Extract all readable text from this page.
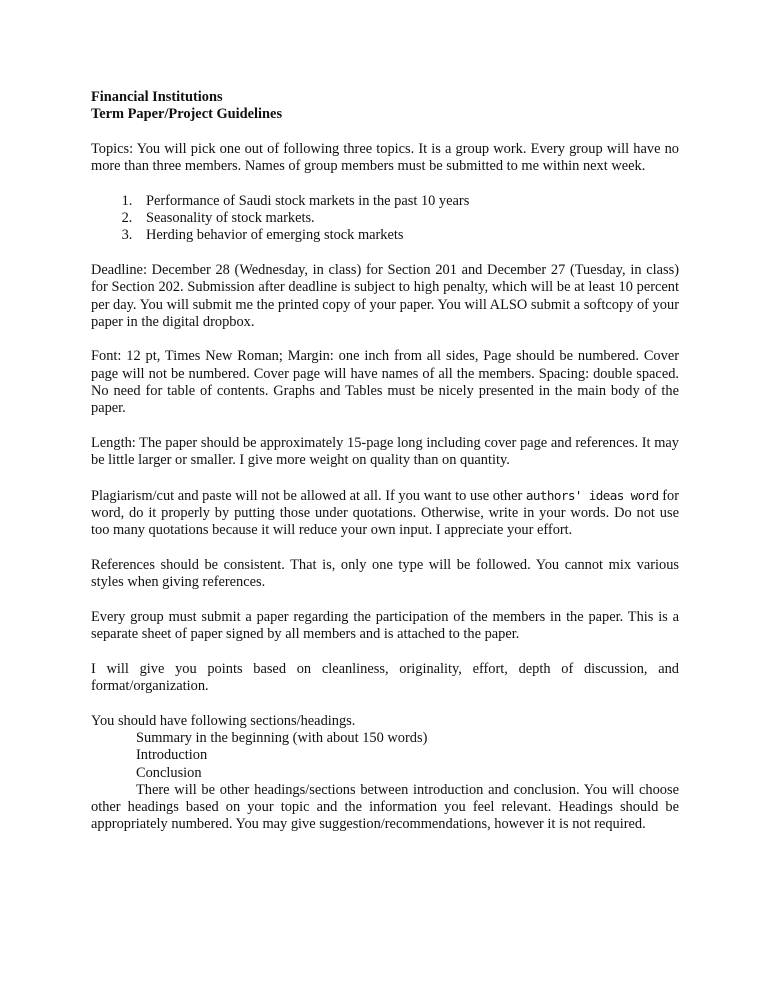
Financial Institutions
Term Paper/Project Guidelines

Topics: You will pick one out of following three topics. It is a group work. Every group will have no more than three members. Names of group members must be submitted to me within next week.

1. Performance of Saudi stock markets in the past 10 years
2. Seasonality of stock markets.
3. Herding behavior of emerging stock markets

Deadline: December 28 (Wednesday, in class) for Section 201 and December 27 (Tuesday, in class) for Section 202. Submission after deadline is subject to high penalty, which will be at least 10 percent per day. You will submit me the printed copy of your paper. You will ALSO submit a softcopy of your paper in the digital dropbox.

Font: 12 pt, Times New Roman; Margin: one inch from all sides, Page should be numbered. Cover page will not be numbered. Cover page will have names of all the members. Spacing: double spaced. No need for table of contents. Graphs and Tables must be nicely presented in the main body of the paper.

Length: The paper should be approximately 15-page long including cover page and references. It may be little larger or smaller. I give more weight on quality than on quantity.

Plagiarism/cut and paste will not be allowed at all. If you want to use other authors' ideas word for word, do it properly by putting those under quotations. Otherwise, write in your words. Do not use too many quotations because it will reduce your own input. I appreciate your effort.

References should be consistent. That is, only one type will be followed. You cannot mix various styles when giving references.

Every group must submit a paper regarding the participation of the members in the paper. This is a separate sheet of paper signed by all members and is attached to the paper.

I will give you points based on cleanliness, originality, effort, depth of discussion, and format/organization.

You should have following sections/headings.

Summary in the beginning (with about 150 words)

Introduction

Conclusion

There will be other headings/sections between introduction and conclusion. You will choose other headings based on your topic and the information you feel relevant. Headings should be appropriately numbered. You may give suggestion/recommendations, however it is not required.
